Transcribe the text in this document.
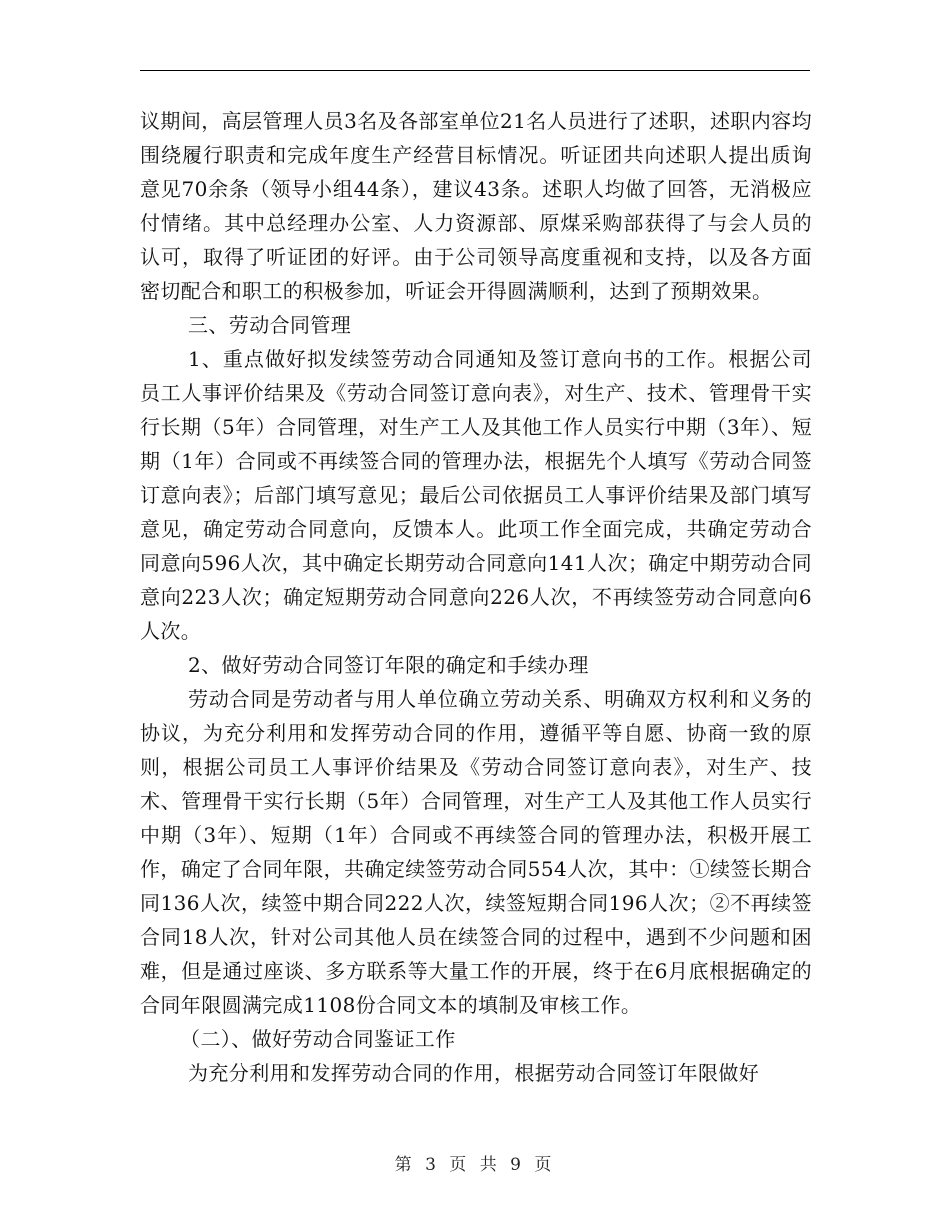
议期间，高层管理人员3名及各部室单位21名人员进行了述职，述职内容均围绕履行职责和完成年度生产经营目标情况。听证团共向述职人提出质询意见70余条（领导小组44条），建议43条。述职人均做了回答，无消极应付情绪。其中总经理办公室、人力资源部、原煤采购部获得了与会人员的认可，取得了听证团的好评。由于公司领导高度重视和支持，以及各方面密切配合和职工的积极参加，听证会开得圆满顺利，达到了预期效果。

三、劳动合同管理

1、重点做好拟发续签劳动合同通知及签订意向书的工作。根据公司员工人事评价结果及《劳动合同签订意向表》，对生产、技术、管理骨干实行长期（5年）合同管理，对生产工人及其他工作人员实行中期（3年）、短期（1年）合同或不再续签合同的管理办法，根据先个人填写《劳动合同签订意向表》；后部门填写意见；最后公司依据员工人事评价结果及部门填写意见，确定劳动合同意向，反馈本人。此项工作全面完成，共确定劳动合同意向596人次，其中确定长期劳动合同意向141人次；确定中期劳动合同意向223人次；确定短期劳动合同意向226人次，不再续签劳动合同意向6人次。

2、做好劳动合同签订年限的确定和手续办理

劳动合同是劳动者与用人单位确立劳动关系、明确双方权利和义务的协议，为充分利用和发挥劳动合同的作用，遵循平等自愿、协商一致的原则，根据公司员工人事评价结果及《劳动合同签订意向表》，对生产、技术、管理骨干实行长期（5年）合同管理，对生产工人及其他工作人员实行中期（3年）、短期（1年）合同或不再续签合同的管理办法，积极开展工作，确定了合同年限，共确定续签劳动合同554人次，其中：①续签长期合同136人次，续签中期合同222人次，续签短期合同196人次；②不再续签合同18人次，针对公司其他人员在续签合同的过程中，遇到不少问题和困难，但是通过座谈、多方联系等大量工作的开展，终于在6月底根据确定的合同年限圆满完成1108份合同文本的填制及审核工作。

（二）、做好劳动合同鉴证工作

为充分利用和发挥劳动合同的作用，根据劳动合同签订年限做好

第 3 页 共 9 页
